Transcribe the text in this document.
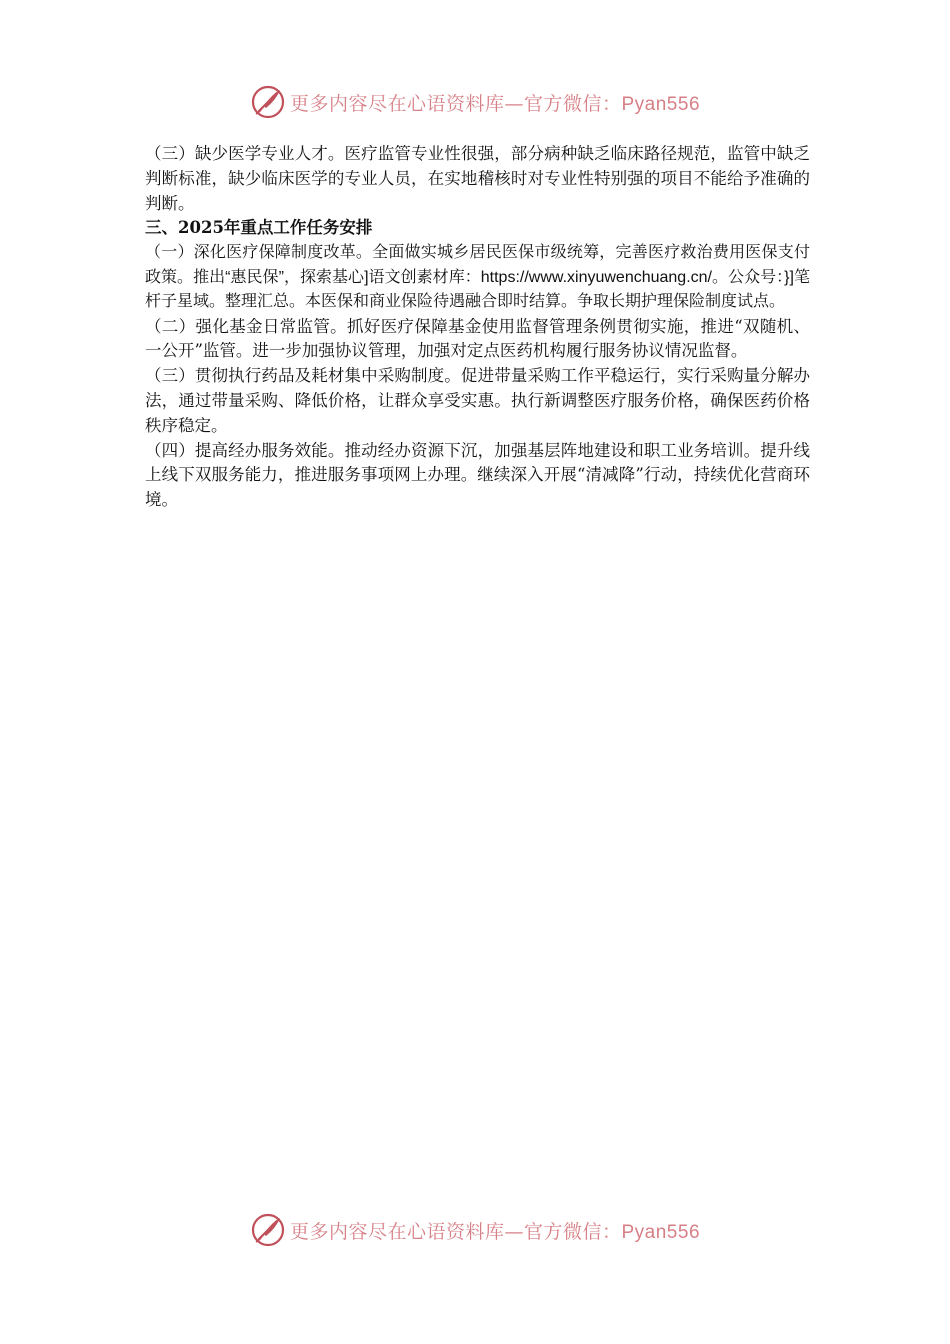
更多内容尽在心语资料库—官方微信：Pyan556

（三）缺少医学专业人才。医疗监管专业性很强，部分病种缺乏临床路径规范，监管中缺乏判断标准，缺少临床医学的专业人员，在实地稽核时对专业性特别强的项目不能给予准确的判断。

三、2025年重点工作任务安排

（一）深化医疗保障制度改革。全面做实城乡居民医保市级统筹，完善医疗救治费用医保支付政策。推出“惠民保”，探索基心]语文创素材库：https://www.xinyuwenchuang.cn/。公众号：}]笔杆子星域。整理汇总。本医保和商业保险待遇融合即时结算。争取长期护理保险制度试点。

（二）强化基金日常监管。抓好医疗保障基金使用监督管理条例贯彻实施，推进“双随机、一公开”监管。进一步加强协议管理，加强对定点医药机构履行服务协议情况监督。

（三）贯彻执行药品及耗材集中采购制度。促进带量采购工作平稳运行，实行采购量分解办法，通过带量采购、降低价格，让群众享受实惠。执行新调整医疗服务价格，确保医药价格秩序稳定。

（四）提高经办服务效能。推动经办资源下沉，加强基层阵地建设和职工业务培训。提升线上线下双服务能力，推进服务事项网上办理。继续深入开展“清减降”行动，持续优化营商环境。

更多内容尽在心语资料库—官方微信：Pyan556
